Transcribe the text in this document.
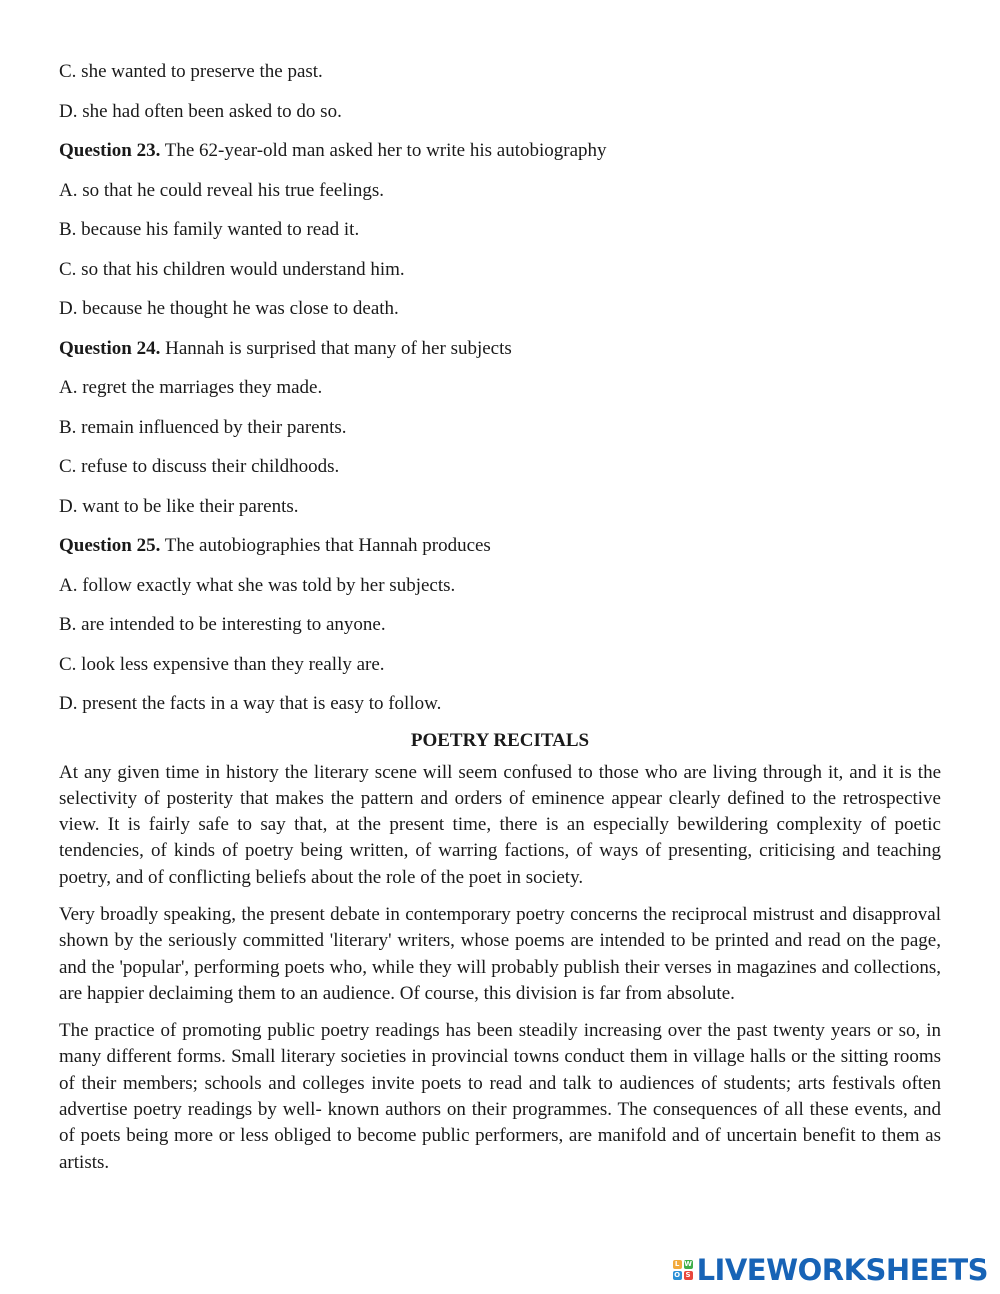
C. she wanted to preserve the past.
D. she had often been asked to do so.
Question 23. The 62-year-old man asked her to write his autobiography
A. so that he could reveal his true feelings.
B. because his family wanted to read it.
C. so that his children would understand him.
D. because he thought he was close to death.
Question 24. Hannah is surprised that many of her subjects
A. regret the marriages they made.
B. remain influenced by their parents.
C. refuse to discuss their childhoods.
D. want to be like their parents.
Question 25. The autobiographies that Hannah produces
A. follow exactly what she was told by her subjects.
B. are intended to be interesting to anyone.
C. look less expensive than they really are.
D. present the facts in a way that is easy to follow.
POETRY RECITALS

At any given time in history the literary scene will seem confused to those who are living through it, and it is the selectivity of posterity that makes the pattern and orders of eminence appear clearly defined to the retrospective view. It is fairly safe to say that, at the present time, there is an especially bewildering complexity of poetic tendencies, of kinds of poetry being written, of warring factions, of ways of presenting, criticising and teaching poetry, and of conflicting beliefs about the role of the poet in society.

Very broadly speaking, the present debate in contemporary poetry concerns the reciprocal mistrust and disapproval shown by the seriously committed 'literary' writers, whose poems are intended to be printed and read on the page, and the 'popular', performing poets who, while they will probably publish their verses in magazines and collections, are happier declaiming them to an audience. Of course, this division is far from absolute.

The practice of promoting public poetry readings has been steadily increasing over the past twenty years or so, in many different forms. Small literary societies in provincial towns conduct them in village halls or the sitting rooms of their members; schools and colleges invite poets to read and talk to audiences of students; arts festivals often advertise poetry readings by well- known authors on their programmes. The consequences of all these events, and of poets being more or less obliged to become public performers, are manifold and of uncertain benefit to them as artists.

L W
O S LIVEWORKSHEETS
